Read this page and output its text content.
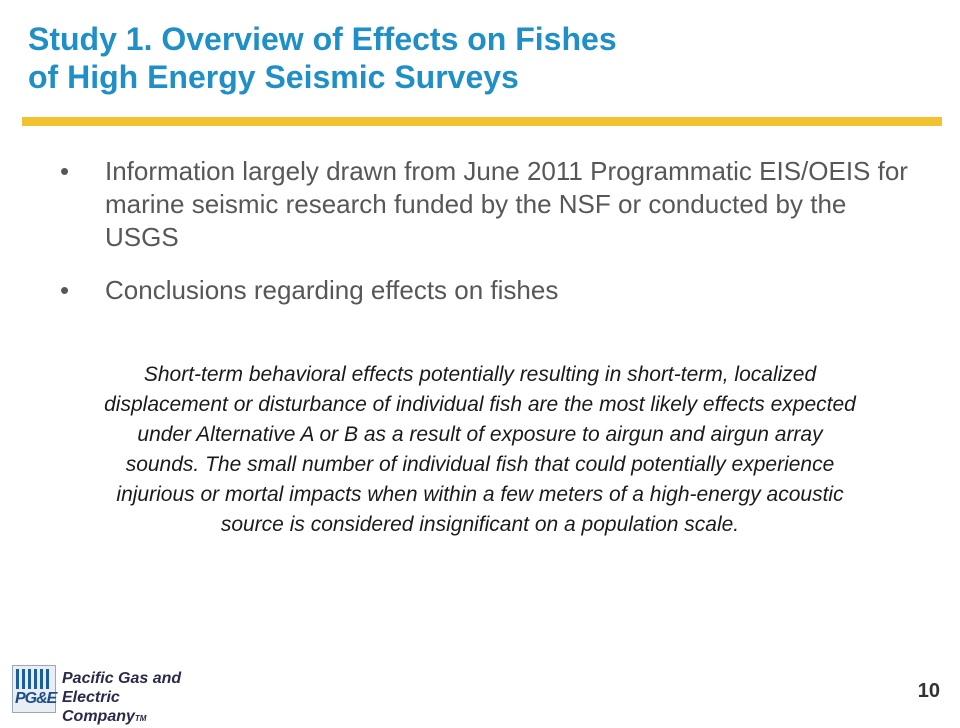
Study 1. Overview of Effects on Fishes
of High Energy Seismic Surveys
• Information largely drawn from June 2011 Programmatic EIS/OEIS for marine seismic research funded by the NSF or conducted by the USGS
• Conclusions regarding effects on fishes
Short-term behavioral effects potentially resulting in short-term, localized displacement or disturbance of individual fish are the most likely effects expected under Alternative A or B as a result of exposure to airgun and airgun array sounds. The small number of individual fish that could potentially experience injurious or mortal impacts when within a few meters of a high-energy acoustic source is considered insignificant on a population scale.
PG&E
Pacific Gas and
Electric CompanyTM
10
